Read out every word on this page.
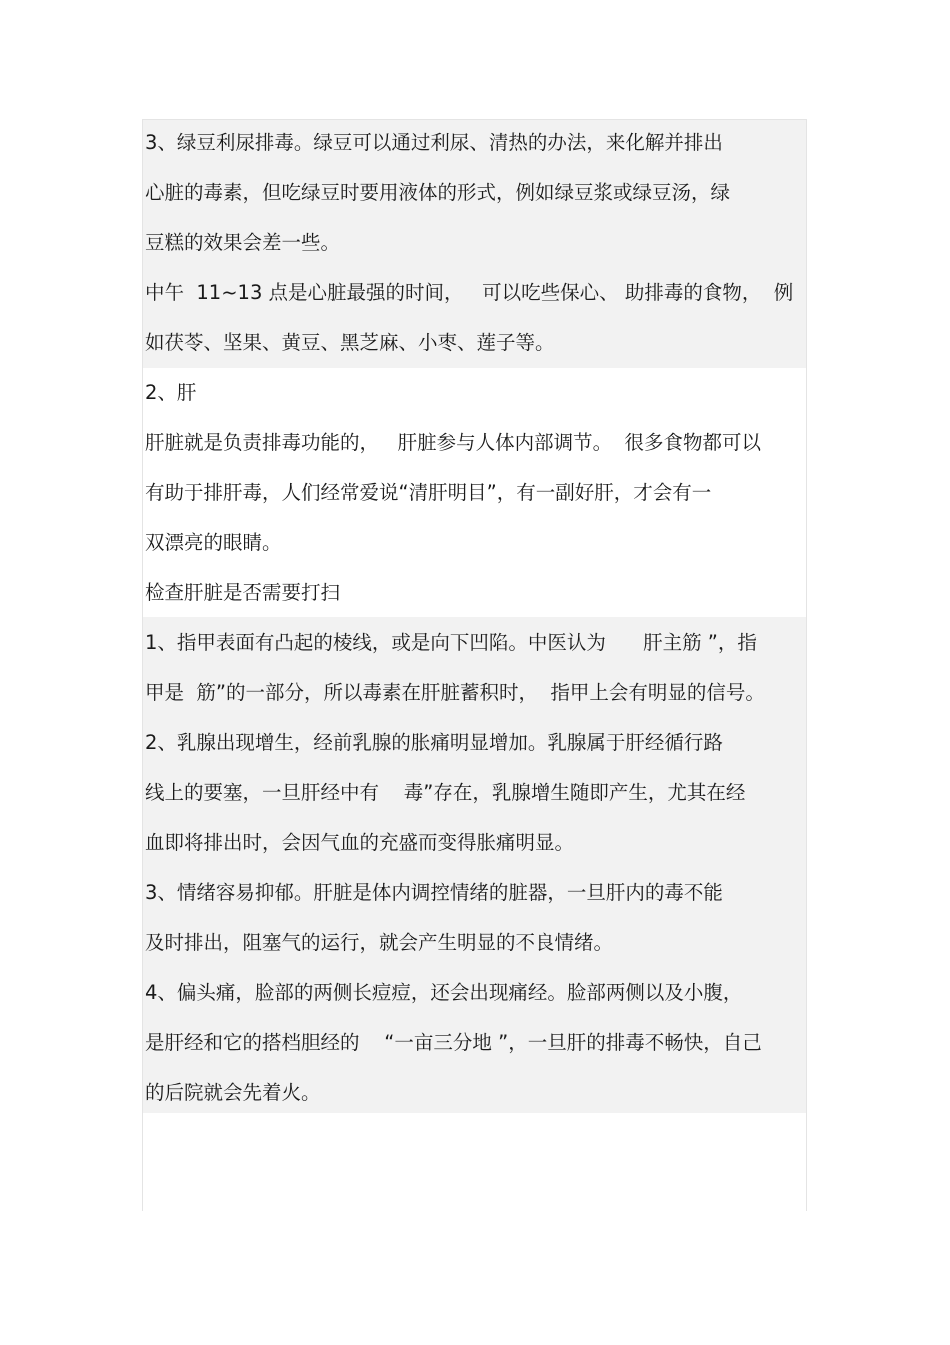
3、绿豆利尿排毒。绿豆可以通过利尿、清热的办法，来化解并排出
心脏的毒素，但吃绿豆时要用液体的形式，例如绿豆浆或绿豆汤，绿
豆糕的效果会差一些。
中午  11~13 点是心脏最强的时间，   可以吃些保心、 助排毒的食物，  例
如茯苓、坚果、黄豆、黑芝麻、小枣、莲子等。
2、肝
肝脏就是负责排毒功能的，   肝脏参与人体内部调节。  很多食物都可以
有助于排肝毒，人们经常爱说“清肝明目”，有一副好肝，才会有一
双漂亮的眼睛。
检查肝脏是否需要打扫
1、指甲表面有凸起的棱线，或是向下凹陷。中医认为      肝主筋 ”，指
甲是  筋”的一部分，所以毒素在肝脏蓄积时，  指甲上会有明显的信号。
2、乳腺出现增生，经前乳腺的胀痛明显增加。乳腺属于肝经循行路
线上的要塞，一旦肝经中有    毒”存在，乳腺增生随即产生，尤其在经
血即将排出时，会因气血的充盛而变得胀痛明显。
3、情绪容易抑郁。肝脏是体内调控情绪的脏器，一旦肝内的毒不能
及时排出，阻塞气的运行，就会产生明显的不良情绪。
4、偏头痛，脸部的两侧长痘痘，还会出现痛经。脸部两侧以及小腹，
是肝经和它的搭档胆经的    “一亩三分地 ”，一旦肝的排毒不畅快，自己
的后院就会先着火。
